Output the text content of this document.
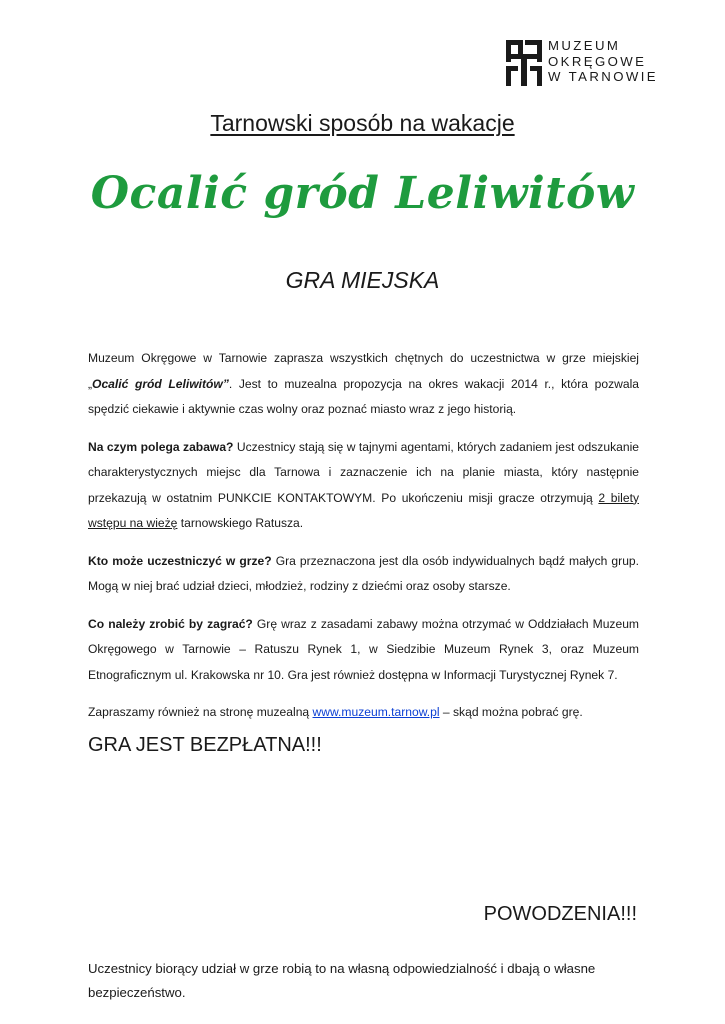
MUZEUM
OKRĘGOWE
W TARNOWIE
Tarnowski sposób na wakacje
Ocalić gród Leliwitów
GRA MIEJSKA

Muzeum Okręgowe w Tarnowie zaprasza wszystkich chętnych do uczestnictwa w grze miejskiej „Ocalić gród Leliwitów”. Jest to muzealna propozycja na okres wakacji 2014 r., która pozwala spędzić ciekawie i aktywnie czas wolny oraz poznać miasto wraz z jego historią.

Na czym polega zabawa? Uczestnicy stają się w tajnymi agentami, których zadaniem jest odszukanie charakterystycznych miejsc dla Tarnowa i zaznaczenie ich na planie miasta, który następnie przekazują w ostatnim PUNKCIE KONTAKTOWYM. Po ukończeniu misji gracze otrzymują 2 bilety wstępu na wieżę tarnowskiego Ratusza.

Kto może uczestniczyć w grze? Gra przeznaczona jest dla osób indywidualnych bądź małych grup. Mogą w niej brać udział dzieci, młodzież, rodziny z dziećmi oraz osoby starsze.

Co należy zrobić by zagrać? Grę wraz z zasadami zabawy można otrzymać w Oddziałach Muzeum Okręgowego w Tarnowie – Ratuszu Rynek 1, w Siedzibie Muzeum Rynek 3, oraz Muzeum Etnograficznym ul. Krakowska nr 10. Gra jest również dostępna w Informacji Turystycznej Rynek 7.

Zapraszamy również na stronę muzealną www.muzeum.tarnow.pl – skąd można pobrać grę.

GRA JEST BEZPŁATNA!!!
POWODZENIA!!!
Uczestnicy biorący udział w grze robią to na własną odpowiedzialność i dbają o własne bezpieczeństwo.
